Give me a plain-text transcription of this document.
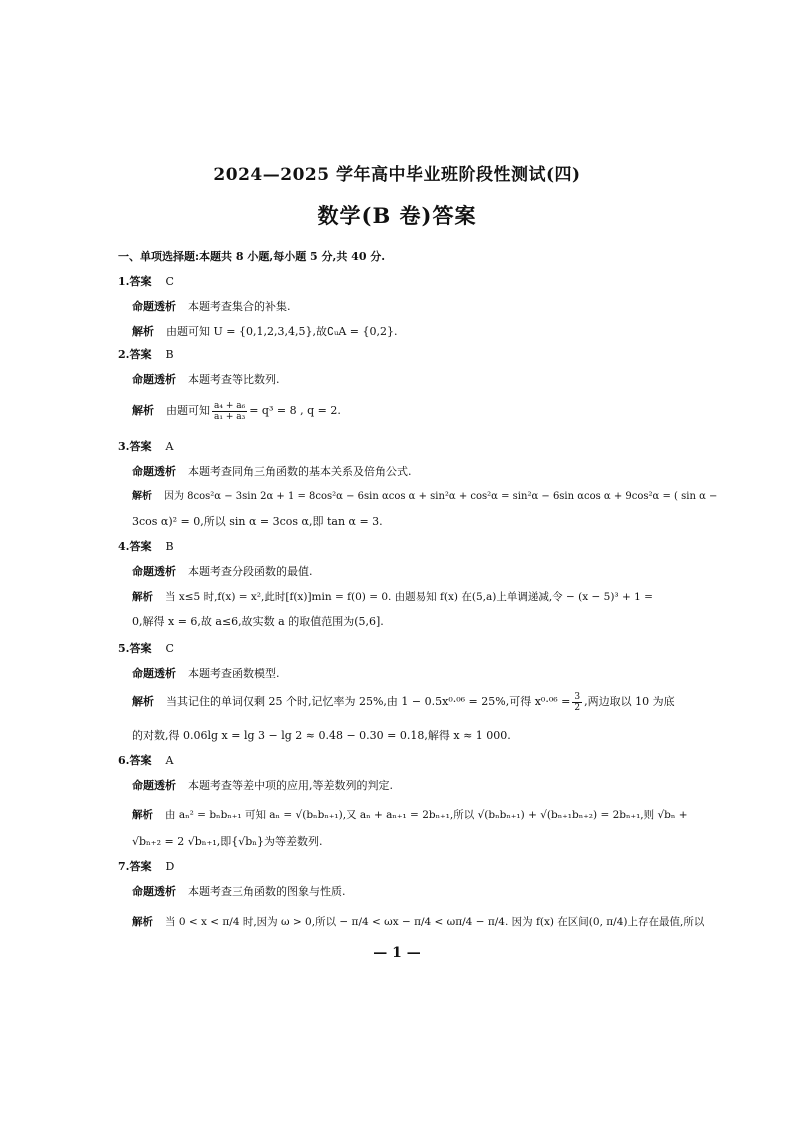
2024—2025 学年高中毕业班阶段性测试(四)
数学(B 卷)答案
一、单项选择题:本题共 8 小题,每小题 5 分,共 40 分.
1.答案 C
命题透析 本题考查集合的补集.
解析 由题可知 U = {0,1,2,3,4,5},故∁ᵤA = {0,2}.
2.答案 B
命题透析 本题考查等比数列.
解析 由题可知 $\frac{\text{a₄ + a₆}}{\text{a₁ + a₃}} = q^3 = 8$ , q = 2.
3.答案 A
命题透析 本题考查同角三角函数的基本关系及倍角公式.
解析 因为 8cos²α − 3sin 2α + 1 = 8cos²α − 6sin αcos α + sin²α + cos²α = sin²α − 6sin αcos α + 9cos²α = ( sin α −
3cos α)² = 0,所以 sin α = 3cos α,即 tan α = 3.
4.答案 B
命题透析 本题考查分段函数的最值.
解析 当 x≤5 时,f(x) = x²,此时[f(x)]min = f(0) = 0. 由题易知 f(x) 在(5,a)上单调递减,令 − (x − 5)³ + 1 =
0,解得 x = 6,故 a≤6,故实数 a 的取值范围为(5,6].
5.答案 C
命题透析 本题考查函数模型.
解析 当其记住的单词仅剩 25 个时,记忆率为 25%,由 1 − 0.5x⁰·⁰⁶ = 25%,可得 $x^0\cdot^{06} = \frac{3}{2}$ ,两边取以 10 为底
的对数,得 0.06lg x = lg 3 − lg 2 ≈ 0.48 − 0.30 = 0.18,解得 x ≈ 1 000.
6.答案 A
命题透析 本题考查等差中项的应用,等差数列的判定.
解析 由 aₙ² = bₙbₙ₊₁ 可知 aₙ = √(bₙbₙ₊₁),又 aₙ + aₙ₊₁ = 2bₙ₊₁,所以 √(bₙbₙ₊₁) + √(bₙ₊₁bₙ₊₂) = 2bₙ₊₁,则 √bₙ +
√bₙ₊₂ = 2 √bₙ₊₁,即{√bₙ}为等差数列.
7.答案 D
命题透析 本题考查三角函数的图象与性质.
解析 当 0 < x < π/4 时,因为 ω > 0,所以 − π/4 < ωx − π/4 < ωπ/4 − π/4. 因为 f(x) 在区间(0, π/4)上存在最值,所以
— 1 —
